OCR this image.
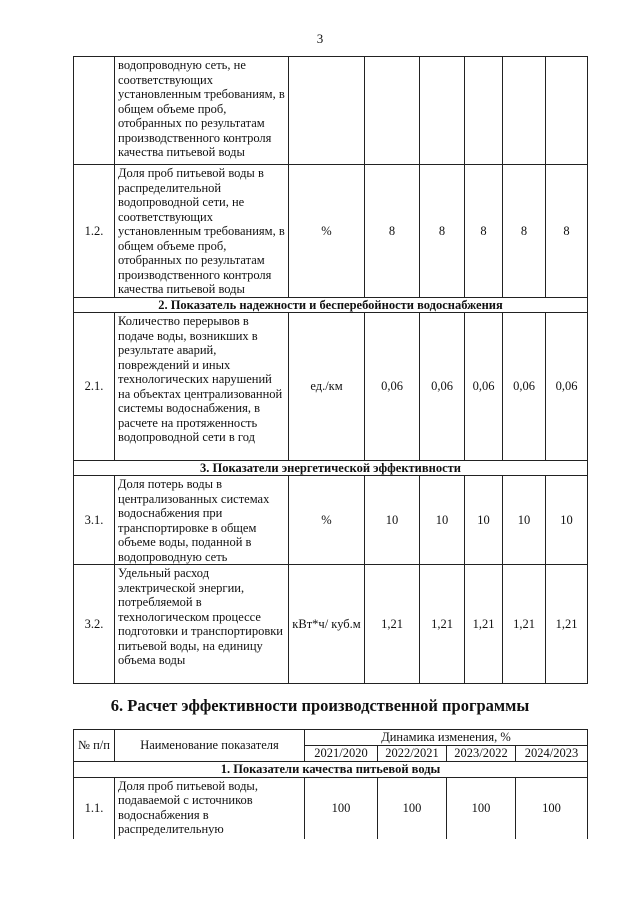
3
	водопроводную сеть, не соответствующих установленным требованиям, в общем объеме проб, отобранных по результатам производственного контроля качества питьевой воды						
1.2.	Доля проб питьевой воды в распределительной водопроводной сети, не соответствующих установленным требованиям, в общем объеме проб, отобранных по результатам производственного контроля качества питьевой воды	%	8	8	8	8	8
2. Показатель надежности и бесперебойности водоснабжения							
2.1.	Количество перерывов в подаче воды, возникших в результате аварий, повреждений и иных технологических нарушений на объектах централизованной системы водоснабжения, в расчете на протяженность водопроводной сети в год	ед./км	0,06	0,06	0,06	0,06	0,06
3. Показатели энергетической эффективности							
3.1.	Доля потерь воды в централизованных системах водоснабжения при транспортировке в общем объеме воды, поданной в водопроводную сеть	%	10	10	10	10	10
3.2.	Удельный расход электрической энергии, потребляемой в технологическом процессе подготовки и транспортировки питьевой воды, на единицу объема воды	кВт*ч/ куб.м	1,21	1,21	1,21	1,21	1,21
6. Расчет эффективности производственной программы
№ п/п	Наименование показателя	Динамика изменения, %			
		2021/2020	2022/2021	2023/2022	2024/2023
1. Показатели качества питьевой воды					
1.1.	Доля проб питьевой воды, подаваемой с источников водоснабжения в распределительную	100	100	100	100
